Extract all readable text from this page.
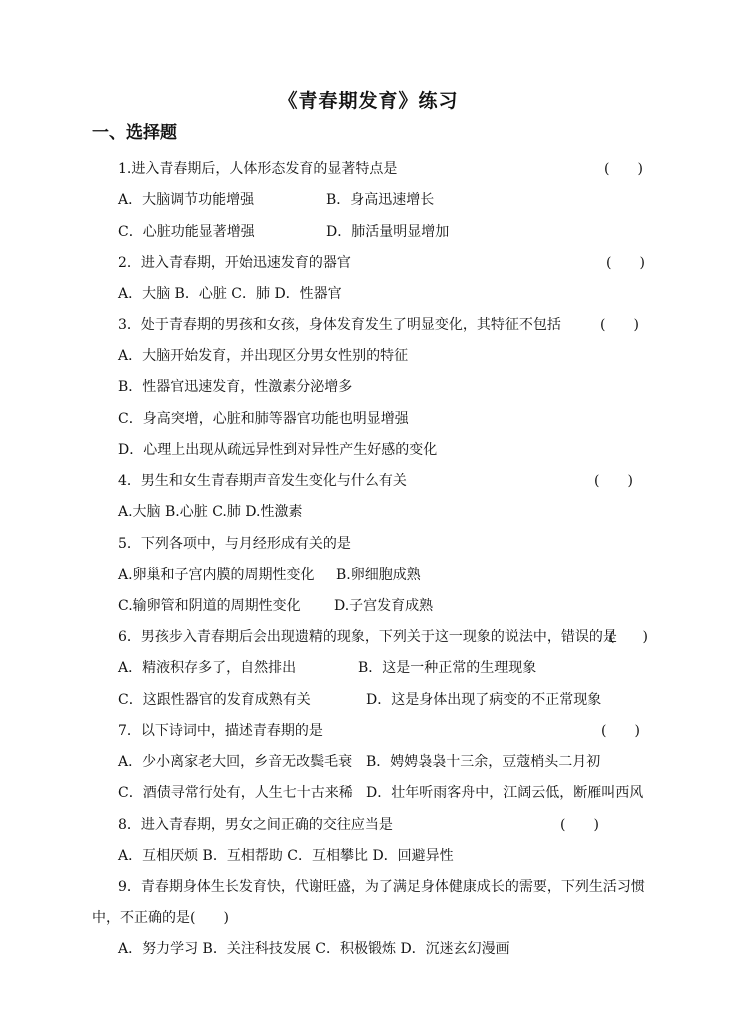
《青春期发育》练习
一、选择题
1.进入青春期后，人体形态发育的显著特点是	(　　)
A．大脑调节功能增强	B．身高迅速增长
C．心脏功能显著增强	D．肺活量明显增加
2．进入青春期，开始迅速发育的器官	(　　)
A．大脑 B．心脏 C．肺 D．性器官
3．处于青春期的男孩和女孩，身体发育发生了明显变化，其特征不包括	(　　)
A．大脑开始发育，并出现区分男女性别的特征
B．性器官迅速发育，性激素分泌增多
C．身高突增，心脏和肺等器官功能也明显增强
D．心理上出现从疏远异性到对异性产生好感的变化
4．男生和女生青春期声音发生变化与什么有关	(　　)
A.大脑 B.心脏 C.肺 D.性激素
5．下列各项中，与月经形成有关的是
A.卵巢和子宫内膜的周期性变化 B.卵细胞成熟
C.输卵管和阴道的周期性变化 D.子宫发育成熟
6．男孩步入青春期后会出现遗精的现象，下列关于这一现象的说法中，错误的是
(　　)
A．精液积存多了，自然排出	B．这是一种正常的生理现象
C．这跟性器官的发育成熟有关	D．这是身体出现了病变的不正常现象
7．以下诗词中，描述青春期的是	(　　)
A．少小离家老大回，乡音无改鬓毛衰 B．娉娉袅袅十三余，豆蔻梢头二月初
C．酒债寻常行处有，人生七十古来稀 D．壮年听雨客舟中，江阔云低，断雁叫西风
8．进入青春期，男女之间正确的交往应当是	(　　)
A．互相厌烦 B．互相帮助 C．互相攀比 D．回避异性
9．青春期身体生长发育快，代谢旺盛，为了满足身体健康成长的需要，下列生活习惯
中，不正确的是(　　)
A．努力学习 B．关注科技发展 C．积极锻炼 D．沉迷玄幻漫画
